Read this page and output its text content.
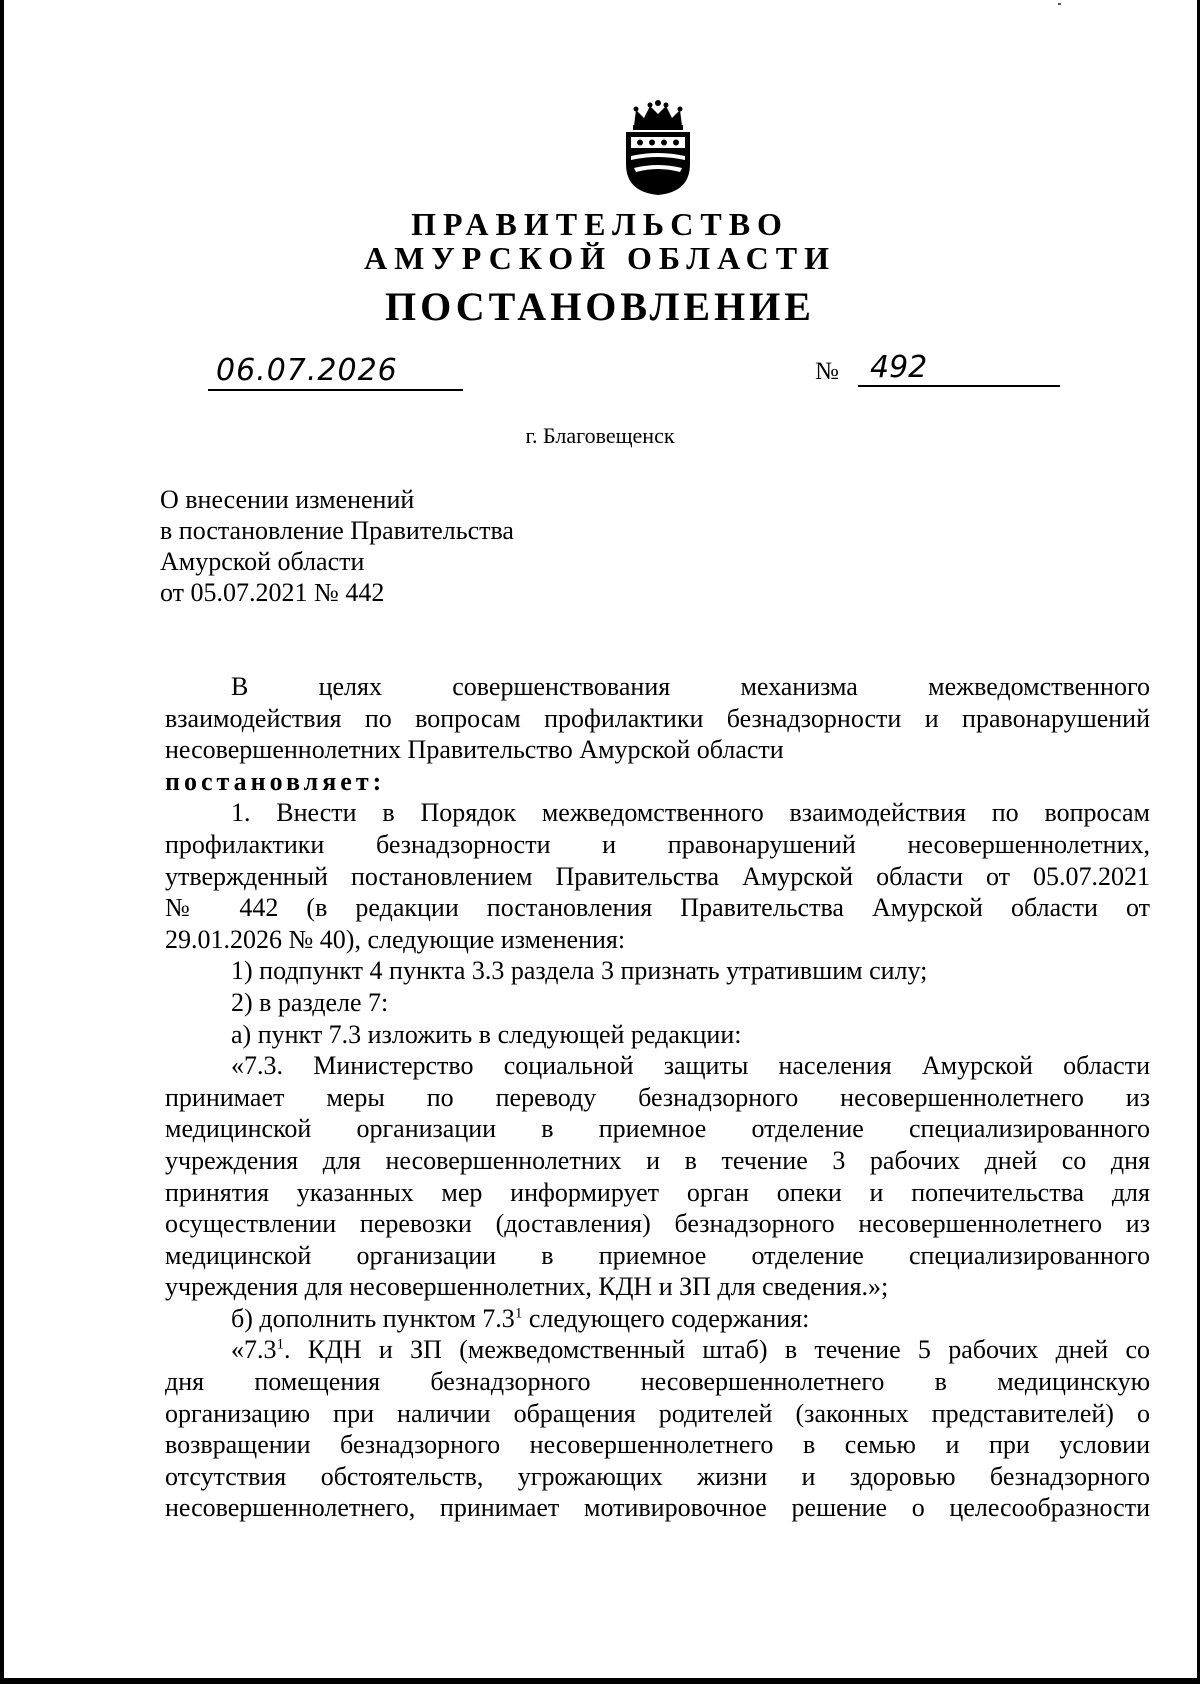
ПРАВИТЕЛЬСТВО
АМУРСКОЙ ОБЛАСТИ
ПОСТАНОВЛЕНИЕ
06.07.2026	№ 492
г. Благовещенск
О внесении изменений
в постановление Правительства
Амурской области
от 05.07.2021 № 442
В целях совершенствования механизма межведомственного
взаимодействия по вопросам профилактики безнадзорности и правонарушений
несовершеннолетних Правительство Амурской области
постановляет:
1. Внести в Порядок межведомственного взаимодействия по вопросам
профилактики безнадзорности и правонарушений несовершеннолетних,
утвержденный постановлением Правительства Амурской области от 05.07.2021
№ 442 (в редакции постановления Правительства Амурской области от
29.01.2026 № 40), следующие изменения:
1) подпункт 4 пункта 3.3 раздела 3 признать утратившим силу;
2) в разделе 7:
а) пункт 7.3 изложить в следующей редакции:
«7.3. Министерство социальной защиты населения Амурской области
принимает меры по переводу безнадзорного несовершеннолетнего из
медицинской организации в приемное отделение специализированного
учреждения для несовершеннолетних и в течение 3 рабочих дней со дня
принятия указанных мер информирует орган опеки и попечительства для
осуществлении перевозки (доставления) безнадзорного несовершеннолетнего из
медицинской организации в приемное отделение специализированного
учреждения для несовершеннолетних, КДН и ЗП для сведения.»;
б) дополнить пунктом $7.3^1$ следующего содержания:
«$7.3^1$. КДН и ЗП (межведомственный штаб) в течение 5 рабочих дней со
дня помещения безнадзорного несовершеннолетнего в медицинскую
организацию при наличии обращения родителей (законных представителей) о
возвращении безнадзорного несовершеннолетнего в семью и при условии
отсутствия обстоятельств, угрожающих жизни и здоровью безнадзорного
несовершеннолетнего, принимает мотивировочное решение о целесообразности
